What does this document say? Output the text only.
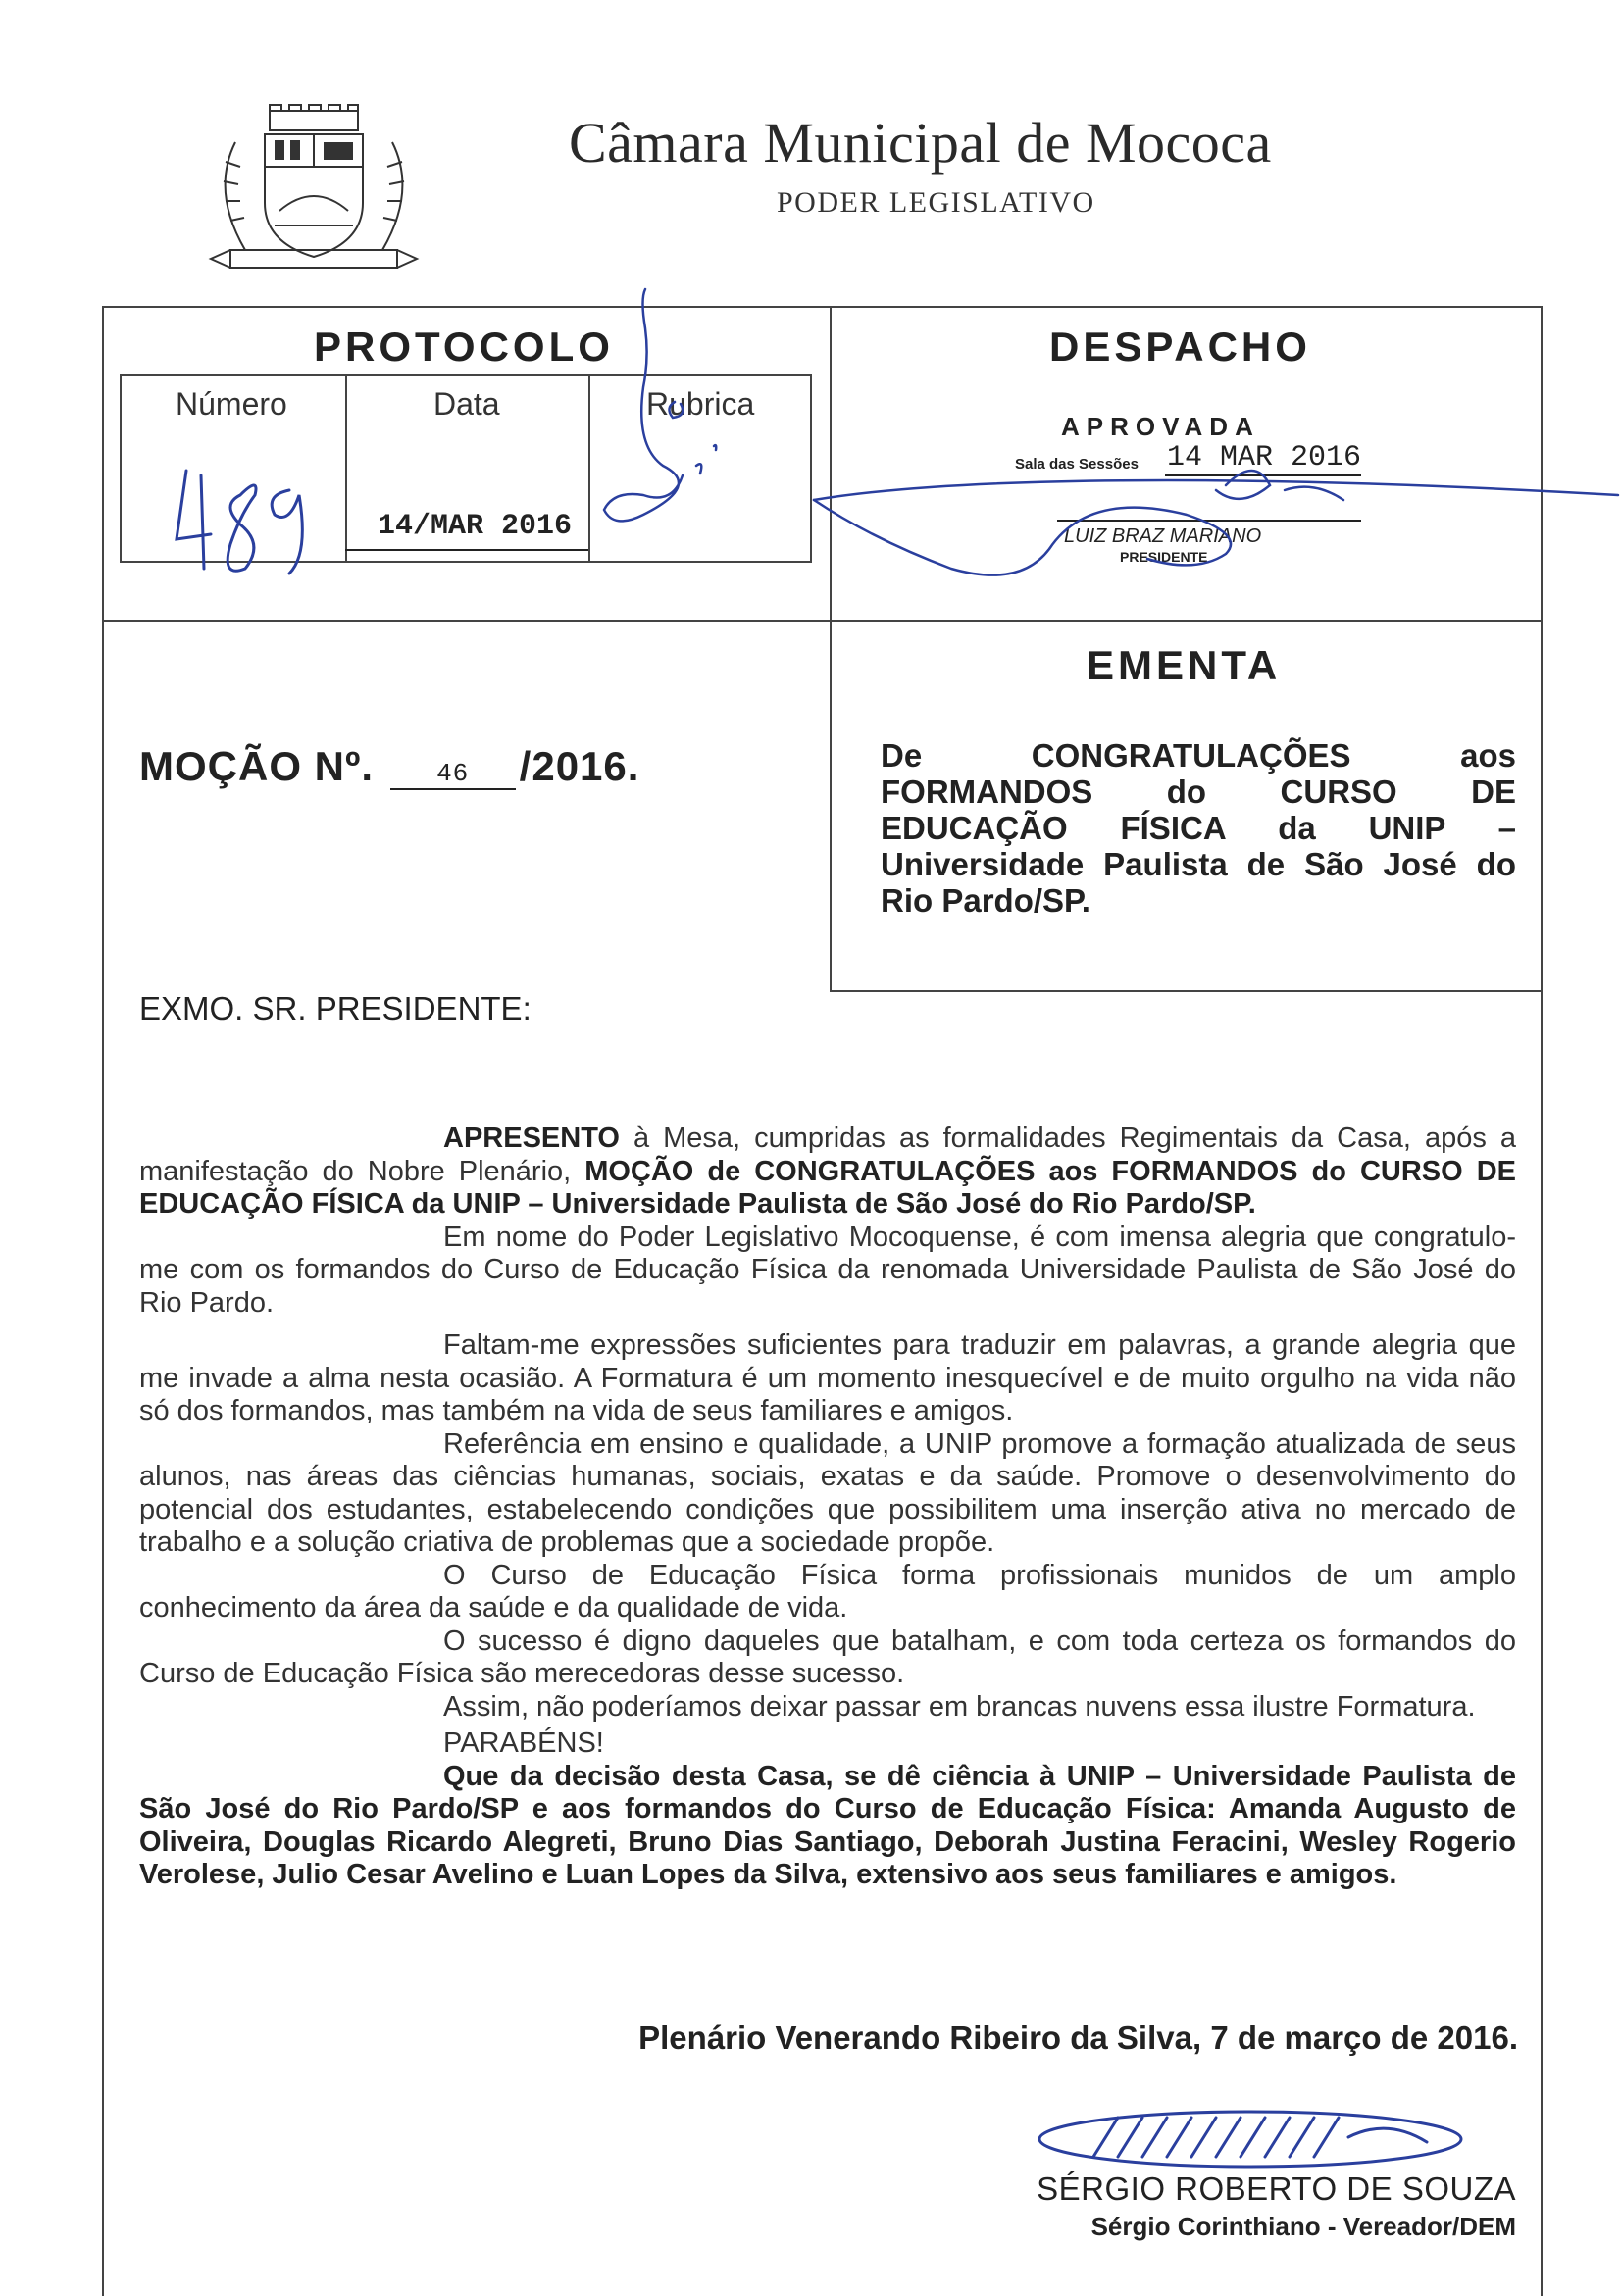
Câmara Municipal de Mococa
PODER LEGISLATIVO
PROTOCOLO
Número	Data	Rubrica
14/MAR 2016
DESPACHO
APROVADA
Sala das Sessões 14 MAR 2016
LUIZ BRAZ MARIANO
PRESIDENTE
EMENTA
De CONGRATULAÇÕES aos FORMANDOS do CURSO DE EDUCAÇÃO FÍSICA da UNIP – Universidade Paulista de São José do Rio Pardo/SP.
MOÇÃO Nº. 46 /2016.
EXMO. SR. PRESIDENTE:

APRESENTO à Mesa, cumpridas as formalidades Regimentais da Casa, após a manifestação do Nobre Plenário, MOÇÃO de CONGRATULAÇÕES aos FORMANDOS do CURSO DE EDUCAÇÃO FÍSICA da UNIP – Universidade Paulista de São José do Rio Pardo/SP.

Em nome do Poder Legislativo Mocoquense, é com imensa alegria que congratulo-me com os formandos do Curso de Educação Física da renomada Universidade Paulista de São José do Rio Pardo.

Faltam-me expressões suficientes para traduzir em palavras, a grande alegria que me invade a alma nesta ocasião. A Formatura é um momento inesquecível e de muito orgulho na vida não só dos formandos, mas também na vida de seus familiares e amigos.

Referência em ensino e qualidade, a UNIP promove a formação atualizada de seus alunos, nas áreas das ciências humanas, sociais, exatas e da saúde. Promove o desenvolvimento do potencial dos estudantes, estabelecendo condições que possibilitem uma inserção ativa no mercado de trabalho e a solução criativa de problemas que a sociedade propõe.

O Curso de Educação Física forma profissionais munidos de um amplo conhecimento da área da saúde e da qualidade de vida.

O sucesso é digno daqueles que batalham, e com toda certeza os formandos do Curso de Educação Física são merecedoras desse sucesso.

Assim, não poderíamos deixar passar em brancas nuvens essa ilustre Formatura.

PARABÉNS!

Que da decisão desta Casa, se dê ciência à UNIP – Universidade Paulista de São José do Rio Pardo/SP e aos formandos do Curso de Educação Física: Amanda Augusto de Oliveira, Douglas Ricardo Alegreti, Bruno Dias Santiago, Deborah Justina Feracini, Wesley Rogerio Verolese, Julio Cesar Avelino e Luan Lopes da Silva, extensivo aos seus familiares e amigos.

Plenário Venerando Ribeiro da Silva, 7 de março de 2016.
SÉRGIO ROBERTO DE SOUZA
Sérgio Corinthiano - Vereador/DEM
